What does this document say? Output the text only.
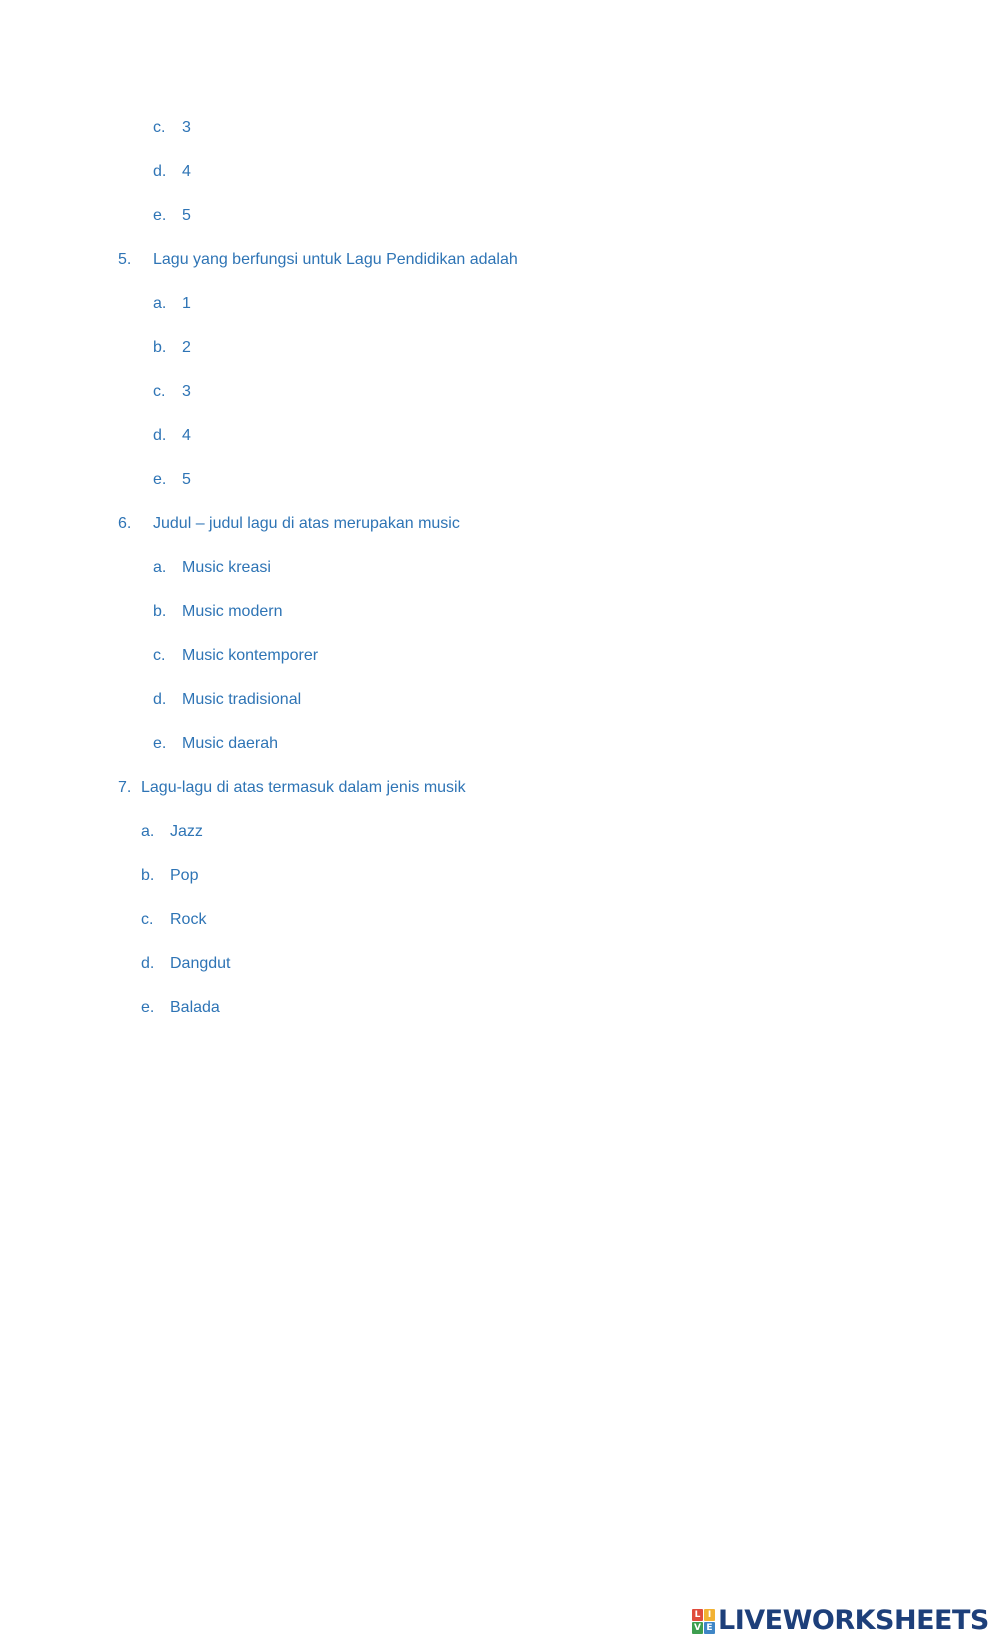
c. 3
d. 4
e. 5
5. Lagu yang berfungsi untuk Lagu Pendidikan adalah
a. 1
b. 2
c. 3
d. 4
e. 5
6. Judul – judul lagu di atas merupakan music
a. Music kreasi
b. Music modern
c. Music kontemporer
d. Music tradisional
e. Music daerah
7. Lagu-lagu di atas termasuk dalam jenis musik
a. Jazz
b. Pop
c. Rock
d. Dangdut
e. Balada
L I
V E LIVEWORKSHEETS
